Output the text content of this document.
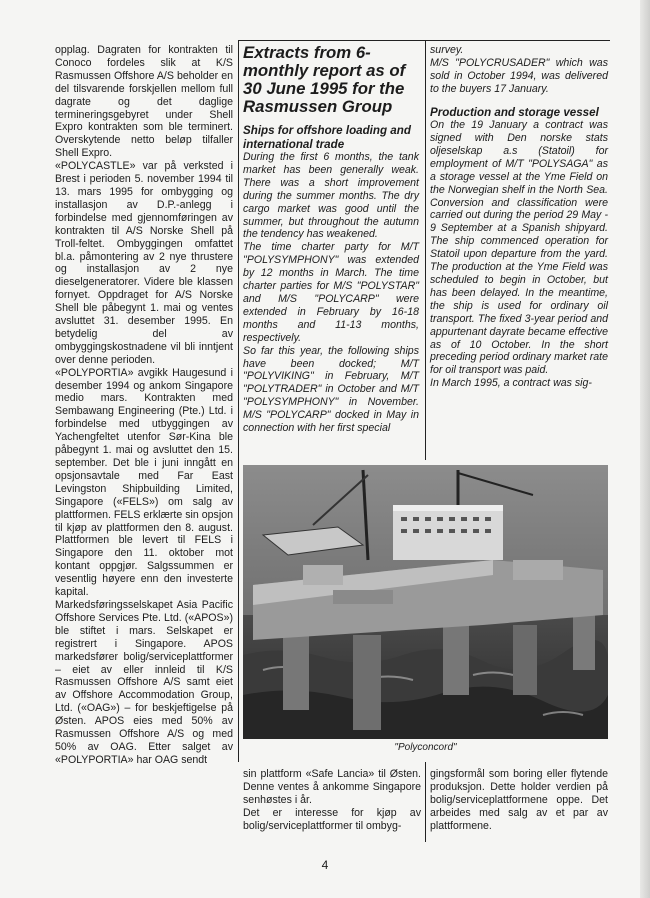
opplag. Dagraten for kontrakten til Conoco fordeles slik at K/S Rasmussen Offshore A/S beholder en del tilsvarende forskjellen mellom full dagrate og det daglige termineringsgebyret under Shell Expro kontrakten som ble terminert. Overskytende netto beløp tilfaller Shell Expro.

«POLYCASTLE» var på verksted i Brest i perioden 5. november 1994 til 13. mars 1995 for ombygging og installasjon av D.P.-anlegg i forbindelse med gjennomføringen av kontrakten til A/S Norske Shell på Troll-feltet. Ombyggingen omfattet bl.a. påmontering av 2 nye thrustere og installasjon av 2 nye dieselgeneratorer. Videre ble klassen fornyet. Oppdraget for A/S Norske Shell ble påbegynt 1. mai og ventes avsluttet 31. desember 1995. En betydelig del av ombyggingskostnadene vil bli inntjent over denne perioden.

«POLYPORTIA» avgikk Haugesund i desember 1994 og ankom Singapore medio mars. Kontrakten med Sembawang Engineering (Pte.) Ltd. i forbindelse med utbyggingen av Yachengfeltet utenfor Sør-Kina ble påbegynt 1. mai og avsluttet den 15. september. Det ble i juni inngått en opsjonsavtale med Far East Levingston Shipbuilding Limited, Singapore («FELS») om salg av plattformen. FELS erklærte sin opsjon til kjøp av plattformen den 8. august. Plattformen ble levert til FELS i Singapore den 11. oktober mot kontant oppgjør. Salgssummen er vesentlig høyere enn den investerte kapital.

Markedsføringsselskapet Asia Pacific Offshore Services Pte. Ltd. («APOS») ble stiftet i mars. Selskapet er registrert i Singapore. APOS markedsfører bolig/serviceplattformer – eiet av eller innleid til K/S Rasmussen Offshore A/S samt eiet av Offshore Accommodation Group, Ltd. («OAG») – for beskjeftigelse på Østen. APOS eies med 50% av Rasmussen Offshore A/S og med 50% av OAG. Etter salget av «POLYPORTIA» har OAG sendt

Extracts from 6-monthly report as of 30 June 1995 for the Rasmussen Group
Ships for offshore loading and international trade

During the first 6 months, the tank market has been generally weak. There was a short improvement during the summer months. The dry cargo market was good until the summer, but throughout the autumn the tendency has weakened.

The time charter party for M/T "POLYSYMPHONY" was extended by 12 months in March. The time charter parties for M/S "POLYSTAR" and M/S "POLYCARP" were extended in February by 16-18 months and 11-13 months, respectively.

So far this year, the following ships have been docked; M/T "POLYVIKING" in February, M/T "POLYTRADER" in October and M/T "POLYSYMPHONY" in November. M/S "POLYCARP" docked in May in connection with her first special

survey.

M/S "POLYCRUSADER" which was sold in October 1994, was delivered to the buyers 17 January.

Production and storage vessel

On the 19 January a contract was signed with Den norske stats oljeselskap a.s (Statoil) for employment of M/T "POLYSAGA" as a storage vessel at the Yme Field on the Norwegian shelf in the North Sea. Conversion and classification were carried out during the period 29 May - 9 September at a Spanish shipyard. The ship commenced operation for Statoil upon departure from the yard. The production at the Yme Field was scheduled to begin in October, but has been delayed. In the meantime, the ship is used for ordinary oil transport. The fixed 3-year period and appurtenant dayrate became effective as of 10 October. In the short preceding period ordinary market rate for oil transport was paid.

In March 1995, a contract was sig-

"Polyconcord"

sin plattform «Safe Lancia» til Østen. Denne ventes å ankomme Singapore senhøstes i år.

Det er interesse for kjøp av bolig/serviceplattformer til ombyg-

gingsformål som boring eller flytende produksjon. Dette holder verdien på bolig/serviceplattformene oppe. Det arbeides med salg av et par av plattformene.

4
